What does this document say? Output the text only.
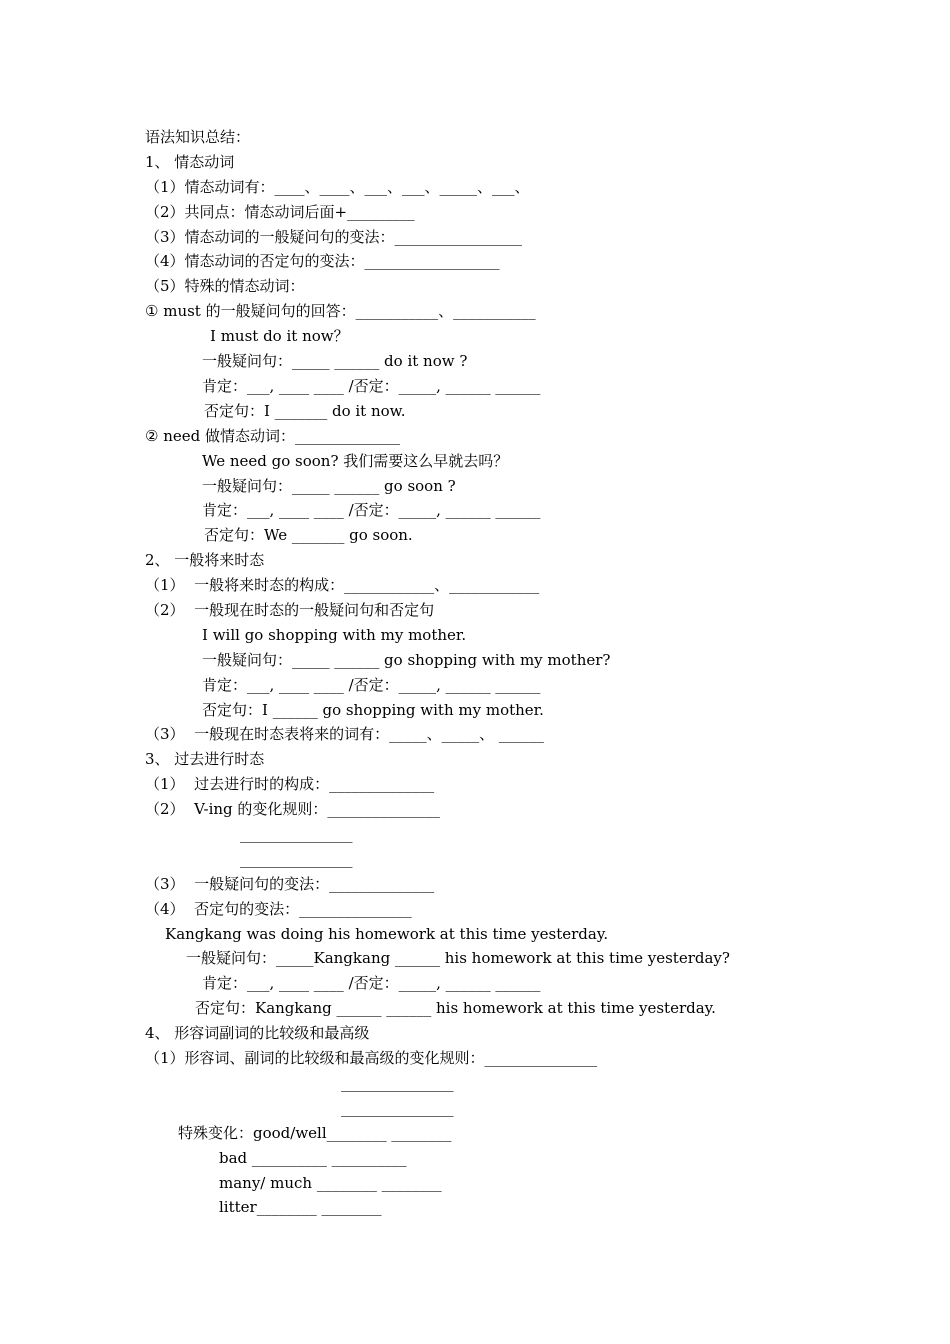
语法知识总结：
1、 情态动词
（1）情态动词有：____、____、___、___、_____、___、
（2）共同点：情态动词后面+_________
（3）情态动词的一般疑问句的变法：_________________
（4）情态动词的否定句的变法：__________________
（5）特殊的情态动词：
① must 的一般疑问句的回答：___________、___________
I must do it now？
一般疑问句：_____ ______ do it now ?
肯定：___, ____ ____ /否定：_____, ______ ______
否定句：I _______ do it now.
② need 做情态动词：______________
We need go soon? 我们需要这么早就去吗？
一般疑问句：_____ ______ go soon ?
肯定：___, ____ ____ /否定：_____, ______ ______
否定句：We _______ go soon.
2、 一般将来时态
（1）  一般将来时态的构成：____________、____________
（2）  一般现在时态的一般疑问句和否定句
I will go shopping with my mother.
一般疑问句：_____ ______ go shopping with my mother?
肯定：___, ____ ____ /否定：_____, ______ ______
否定句：I ______ go shopping with my mother.
（3）  一般现在时态表将来的词有：_____、_____、 ______
3、 过去进行时态
（1）  过去进行时的构成：______________
（2）  V-ing 的变化规则：_______________
_______________
_______________
（3）  一般疑问句的变法：______________
（4）  否定句的变法：_______________
Kangkang was doing his homework at this time yesterday.
一般疑问句：_____Kangkang ______ his homework at this time yesterday?
肯定：___, ____ ____ /否定：_____, ______ ______
否定句：Kangkang ______ ______ his homework at this time yesterday.
4、 形容词副词的比较级和最高级
（1）形容词、副词的比较级和最高级的变化规则：_______________
_______________
_______________
特殊变化：good/well________ ________
bad __________ __________
many/ much ________ ________
litter________ ________
